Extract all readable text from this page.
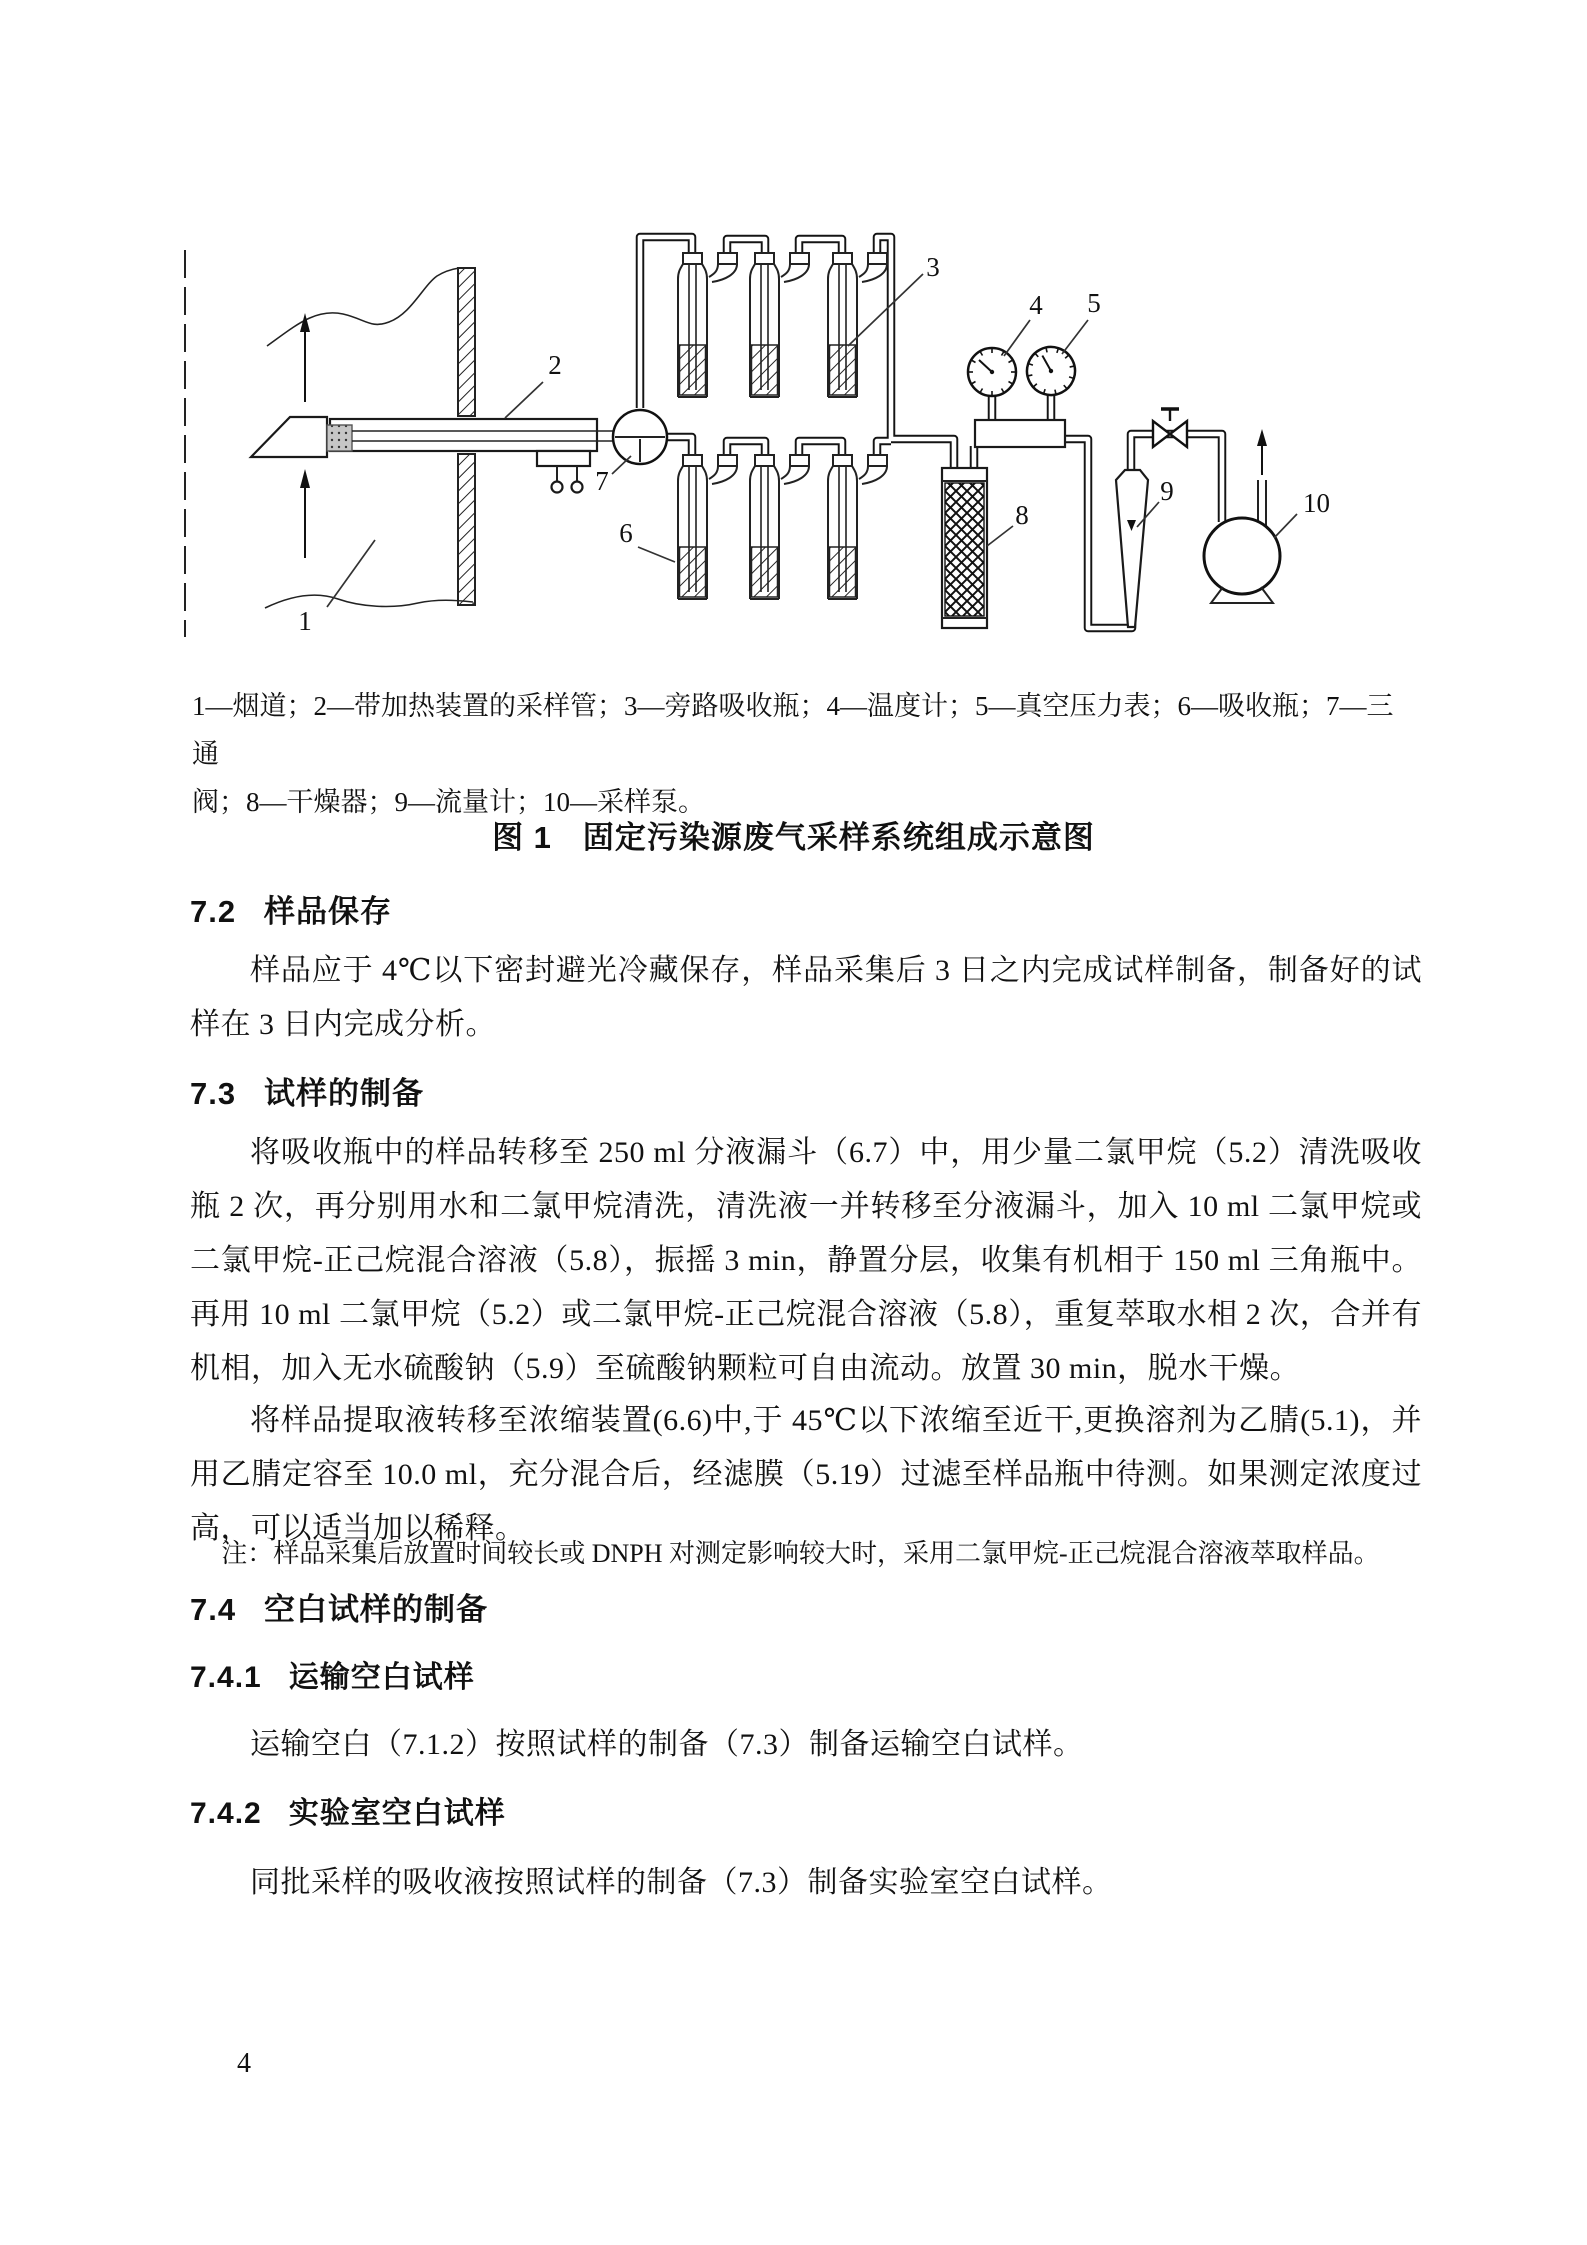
1
2
3
4 5
6
7
8
9	10
1—烟道；2—带加热装置的采样管；3—旁路吸收瓶；4—温度计；5—真空压力表；6—吸收瓶；7—三通
阀；8—干燥器；9—流量计；10—采样泵。
图 1 固定污染源废气采样系统组成示意图
7.2 样品保存
样品应于 4℃以下密封避光冷藏保存，样品采集后 3 日之内完成试样制备，制备好的试样在 3 日内完成分析。
7.3 试样的制备
将吸收瓶中的样品转移至 250 ml 分液漏斗（6.7）中，用少量二氯甲烷（5.2）清洗吸收瓶 2 次，再分别用水和二氯甲烷清洗，清洗液一并转移至分液漏斗，加入 10 ml 二氯甲烷或二氯甲烷-正己烷混合溶液（5.8），振摇 3 min，静置分层，收集有机相于 150 ml 三角瓶中。再用 10 ml 二氯甲烷（5.2）或二氯甲烷-正己烷混合溶液（5.8），重复萃取水相 2 次，合并有机相，加入无水硫酸钠（5.9）至硫酸钠颗粒可自由流动。放置 30 min，脱水干燥。
将样品提取液转移至浓缩装置(6.6)中,于 45℃以下浓缩至近干,更换溶剂为乙腈(5.1)，并用乙腈定容至 10.0 ml，充分混合后，经滤膜（5.19）过滤至样品瓶中待测。如果测定浓度过高，可以适当加以稀释。
注：样品采集后放置时间较长或 DNPH 对测定影响较大时，采用二氯甲烷-正己烷混合溶液萃取样品。
7.4 空白试样的制备
7.4.1 运输空白试样
运输空白（7.1.2）按照试样的制备（7.3）制备运输空白试样。
7.4.2 实验室空白试样
同批采样的吸收液按照试样的制备（7.3）制备实验室空白试样。
4
